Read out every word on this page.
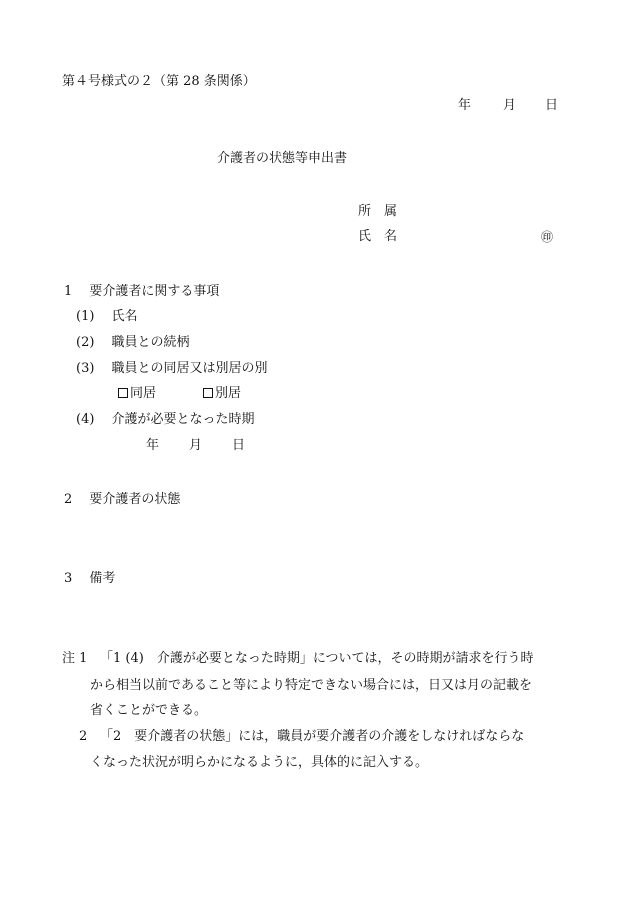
第４号様式の２（第 28 条関係）
年 月 日
介護者の状態等申出書
所　属
氏　名	㊞
1　 要介護者に関する事項
(1)　 氏名
(2)　 職員との続柄
(3)　 職員との同居又は別居の別
同居	別居
(4)　 介護が必要となった時期
年 月 日
2　 要介護者の状態
3　 備考
注 1 「1 (4)　介護が必要となった時期」については，その時期が請求を行う時
から相当以前であること等により特定できない場合には，日又は月の記載を
省くことができる。
2 「2　要介護者の状態」には，職員が要介護者の介護をしなければならな
くなった状況が明らかになるように，具体的に記入する。
